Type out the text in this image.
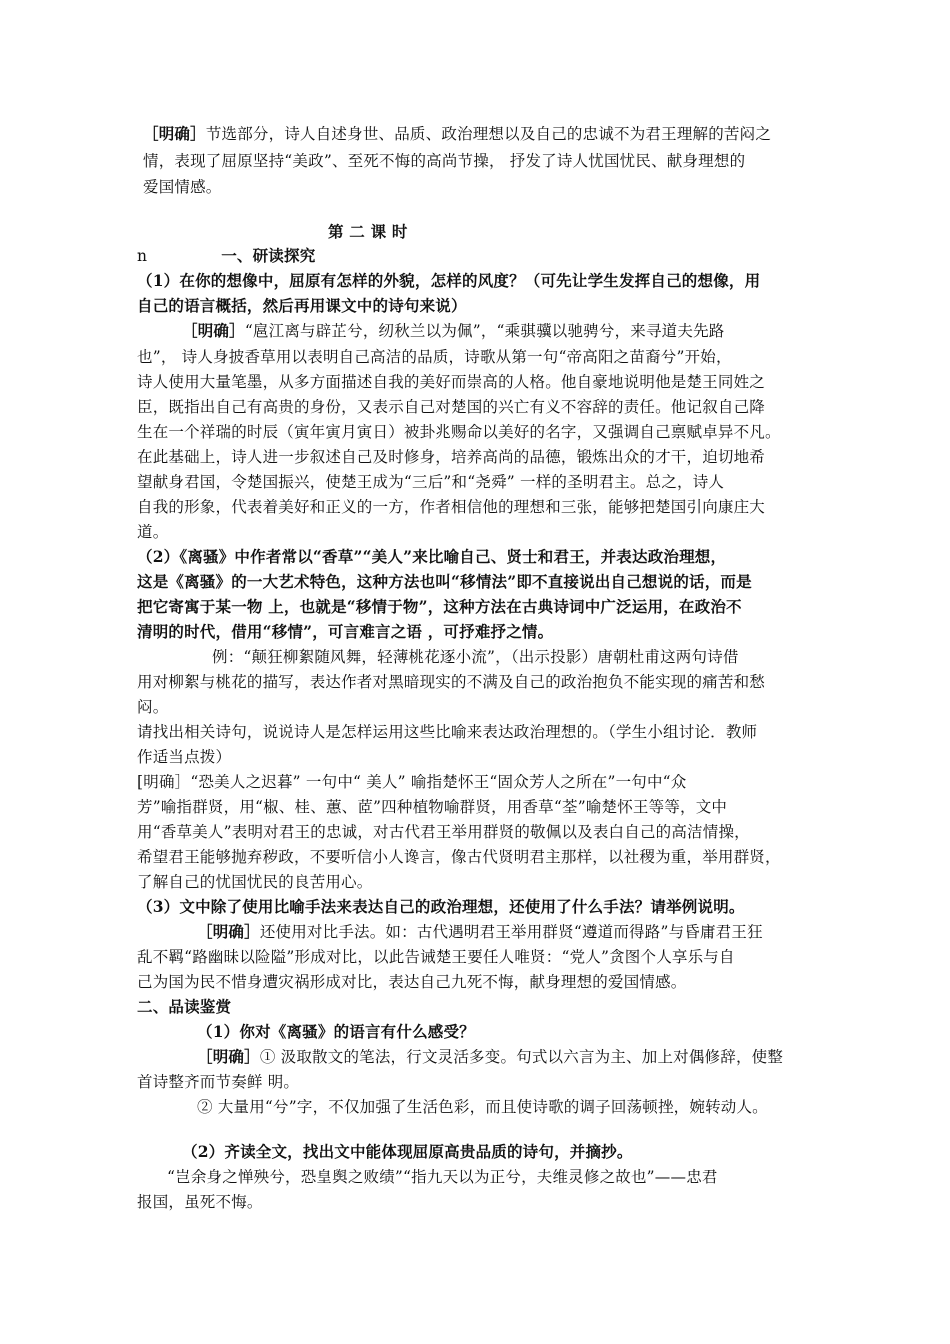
［明确］节选部分，诗人自述身世、品质、政治理想以及自己的忠诚不为君王理解的苦闷之
情，表现了屈原坚持“美政”、至死不悔的高尚节操， 抒发了诗人忧国忧民、献身理想的
爱国情感。
第 二 课 时
n	一、研读探究
（1）在你的想像中，屈原有怎样的外貌，怎样的风度？（可先让学生发挥自己的想像，用
自己的语言概括，然后再用课文中的诗句来说）
［明确］“扈江离与辟芷兮，纫秋兰以为佩”，“乘骐骥以驰骋兮，来寻道夫先路
也”， 诗人身披香草用以表明自己高洁的品质，诗歌从第一句“帝高阳之苗裔兮”开始，
诗人使用大量笔墨，从多方面描述自我的美好而崇高的人格。他自豪地说明他是楚王同姓之
臣，既指出自己有高贵的身份，又表示自己对楚国的兴亡有义不容辞的责任。他记叙自己降
生在一个祥瑞的时辰（寅年寅月寅日）被卦兆赐命以美好的名字，又强调自己禀赋卓异不凡。
在此基础上，诗人进一步叙述自己及时修身，培养高尚的品德，锻炼出众的才干，迫切地希
望献身君国，令楚国振兴，使楚王成为“三后”和“尧舜” 一样的圣明君主。总之，诗人
自我的形象，代表着美好和正义的一方，作者相信他的理想和三张，能够把楚国引向康庄大
道。
（2）《离骚》中作者常以“香草”“美人”来比喻自己、贤士和君王，并表达政治理想，
这是《离骚》的一大艺术特色，这种方法也叫“移情法”即不直接说出自己想说的话，而是
把它寄寓于某一物 上，也就是“移情于物”，这种方法在古典诗词中广泛运用，在政治不
清明的时代，借用“移情”，可言难言之语 ，可抒难抒之情。
例：“颠狂柳絮随风舞，轻薄桃花逐小流”，（出示投影）唐朝杜甫这两句诗借
用对柳絮与桃花的描写，表达作者对黑暗现实的不满及自己的政治抱负不能实现的痛苦和愁
闷。
请找出相关诗句，说说诗人是怎样运用这些比喻来表达政治理想的。（学生小组讨论．教师
作适当点拨）
[明确］“恐美人之迟暮” 一句中“ 美人” 喻指楚怀王“固众芳人之所在”一句中“众
芳”喻指群贤，用“椒、桂、蕙、茝”四种植物喻群贤，用香草“荃”喻楚怀王等等，文中
用“香草美人”表明对君王的忠诚，对古代君王举用群贤的敬佩以及表白自己的高洁情操，
希望君王能够抛弃秽政，不要听信小人谗言，像古代贤明君主那样，以社稷为重，举用群贤，
了解自己的忧国忧民的良苦用心。
（3）文中除了使用比喻手法来表达自己的政治理想，还使用了什么手法？请举例说明。
［明确］还使用对比手法。如：古代遇明君王举用群贤“遵道而得路”与昏庸君王狂
乱不羁“路幽昧以险隘”形成对比，以此告诫楚王要任人唯贤：“党人”贪图个人享乐与自
己为国为民不惜身遭灾祸形成对比，表达自己九死不悔，献身理想的爱国情感。
二、品读鉴赏
（1）你对《离骚》的语言有什么感受？
［明确］① 汲取散文的笔法，行文灵活多变。句式以六言为主、加上对偶修辞，使整
首诗整齐而节奏鲜 明。
② 大量用“兮”字，不仅加强了生活色彩，而且使诗歌的调子回荡顿挫，婉转动人。
（2）齐读全文，找出文中能体现屈原高贵品质的诗句，并摘抄。
“岂余身之惮殃兮，恐皇舆之败绩”“指九天以为正兮，夫维灵修之故也”——忠君
报国，虽死不悔。
